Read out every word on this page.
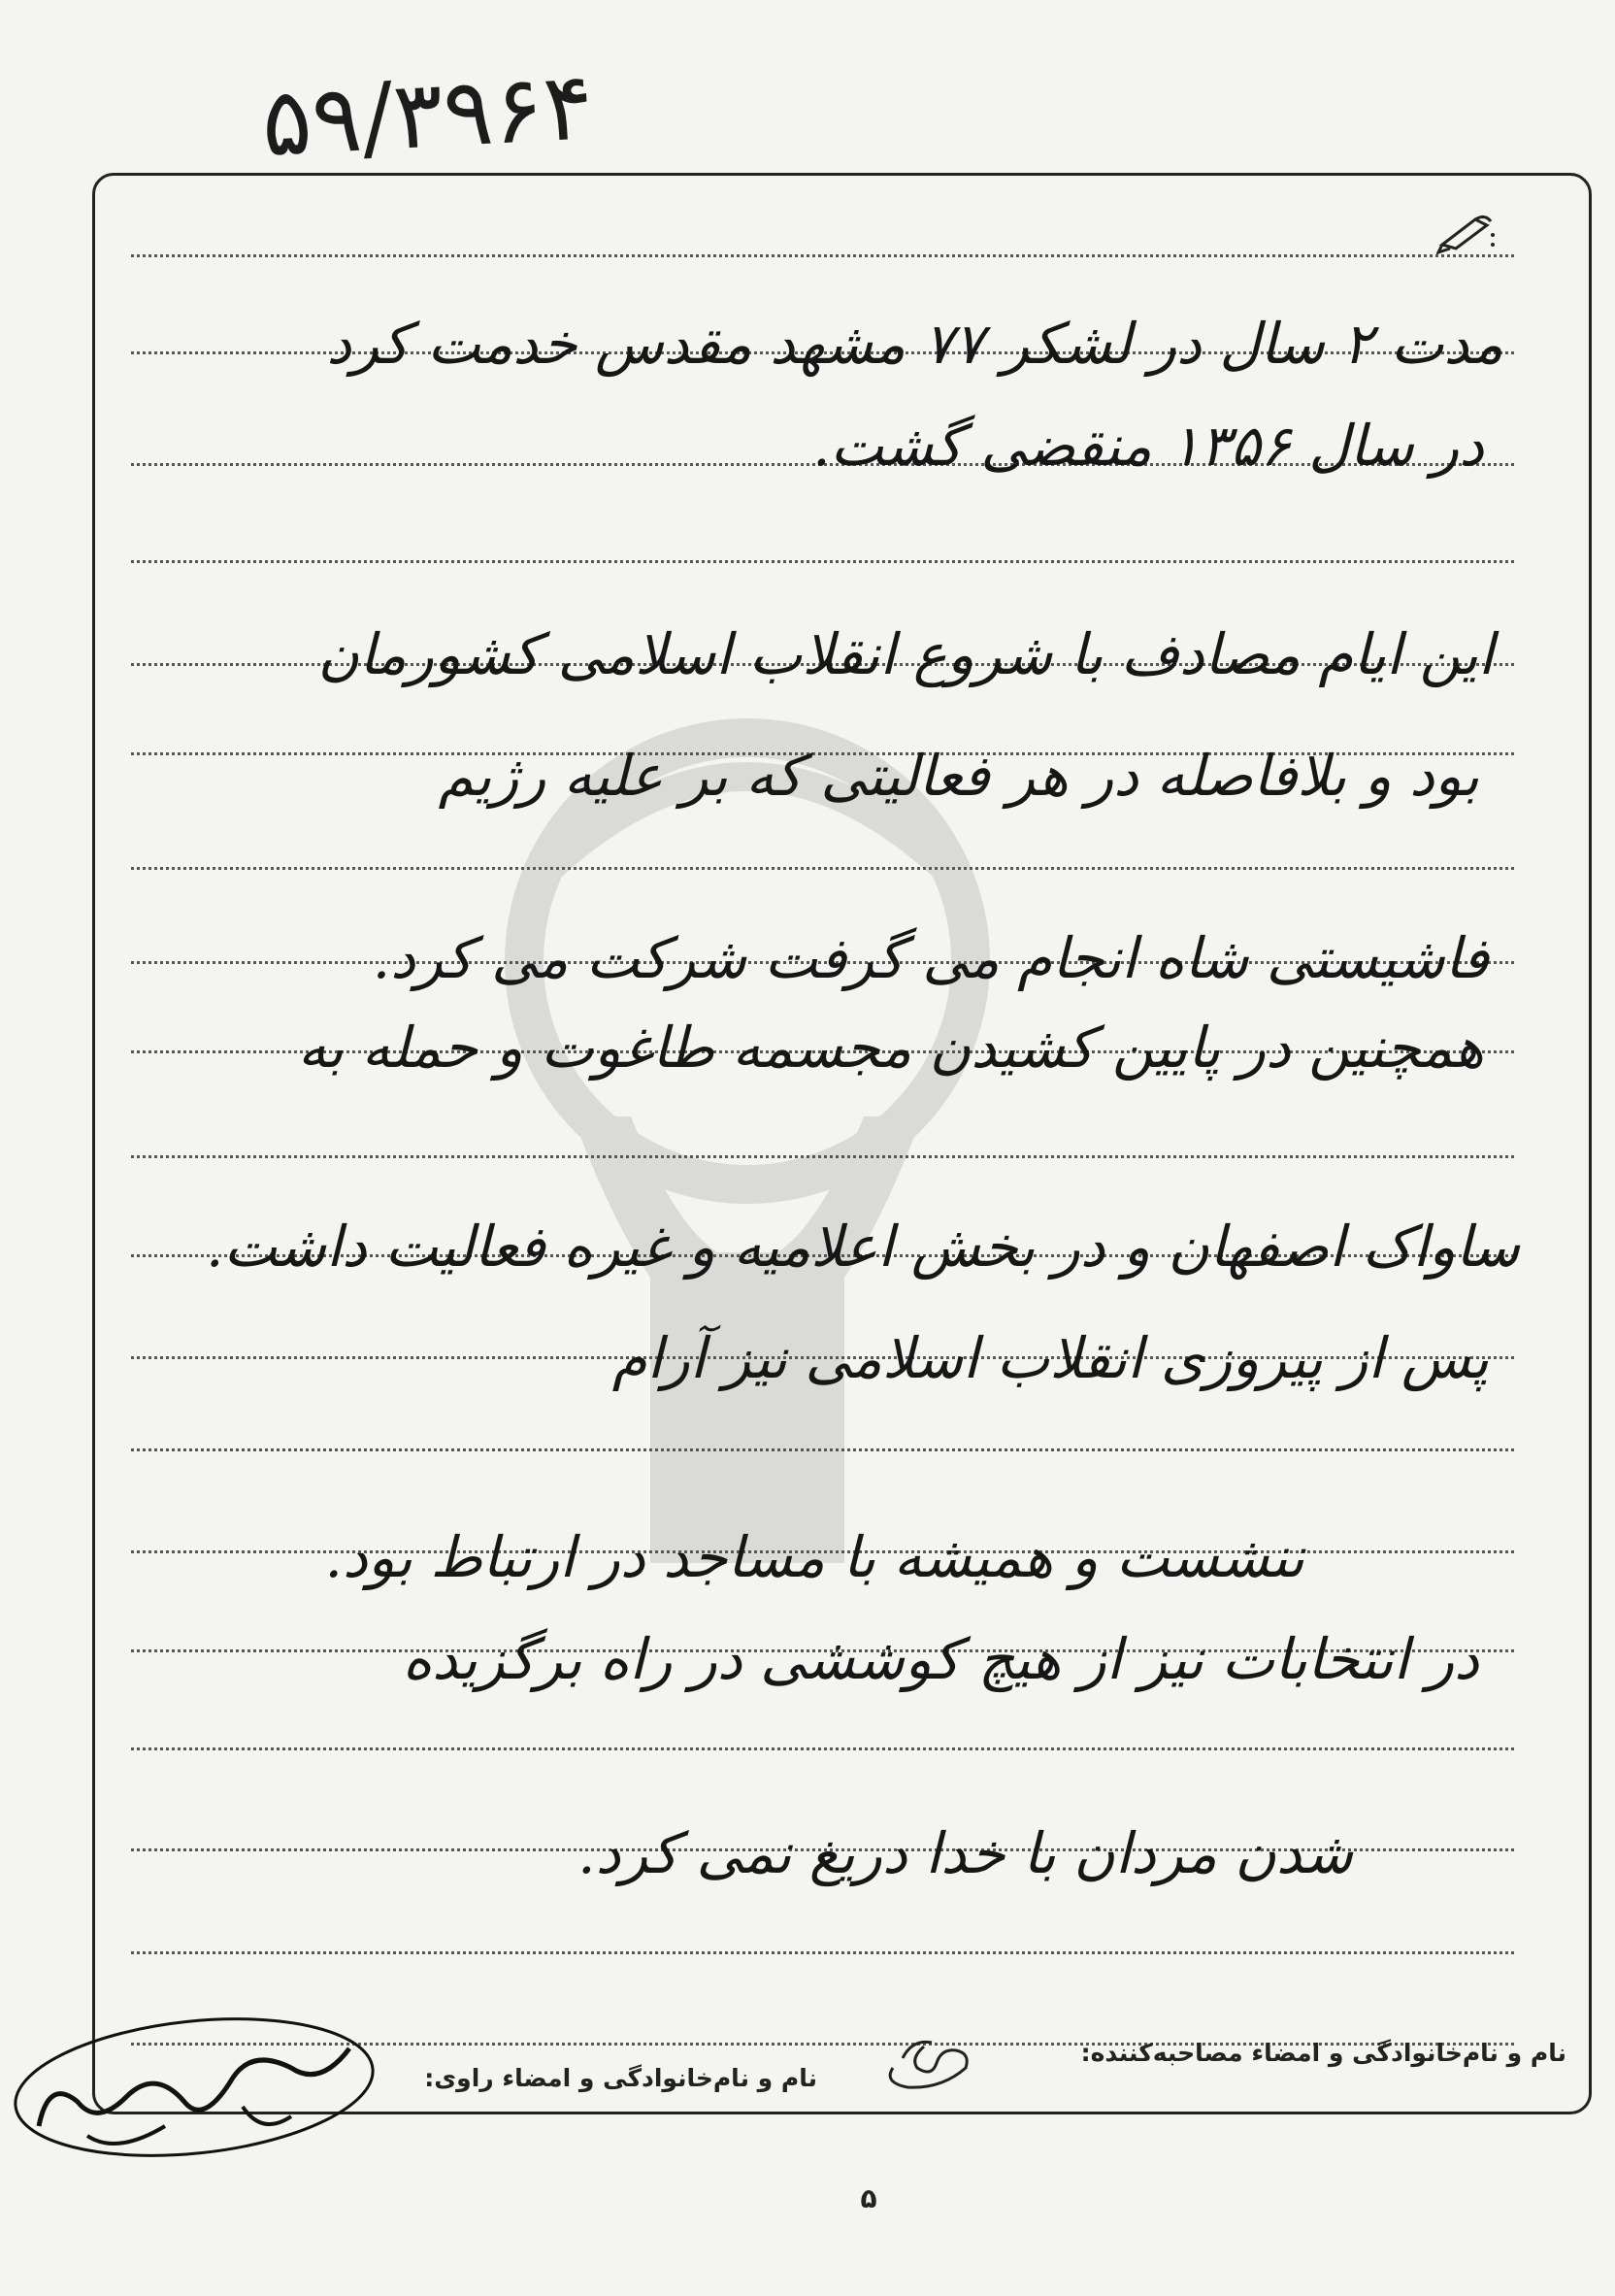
۵۹/۳۹۶۴
مدت ۲ سال در لشکر ۷۷ مشهد مقدس خدمت کرد
در سال ۱۳۵۶ منقضی گشت.
این ایام مصادف با شروع انقلاب اسلامی کشورمان
بود و بلافاصله در هر فعالیتی که بر علیه رژیم
فاشیستی شاه انجام می گرفت شرکت می کرد.
همچنین در پایین کشیدن مجسمه طاغوت و حمله به
ساواک اصفهان و در بخش اعلامیه و غیره فعالیت داشت.
پس از پیروزی انقلاب اسلامی نیز آرام
ننشست و همیشه با مساجد در ارتباط بود.
در انتخابات نیز از هیچ کوششی در راه برگزیده
شدن مردان با خدا دریغ نمی کرد.
نام و نام‌خانوادگی و امضاء مصاحبه‌کننده:
نام و نام‌خانوادگی و امضاء راوی:
۵
